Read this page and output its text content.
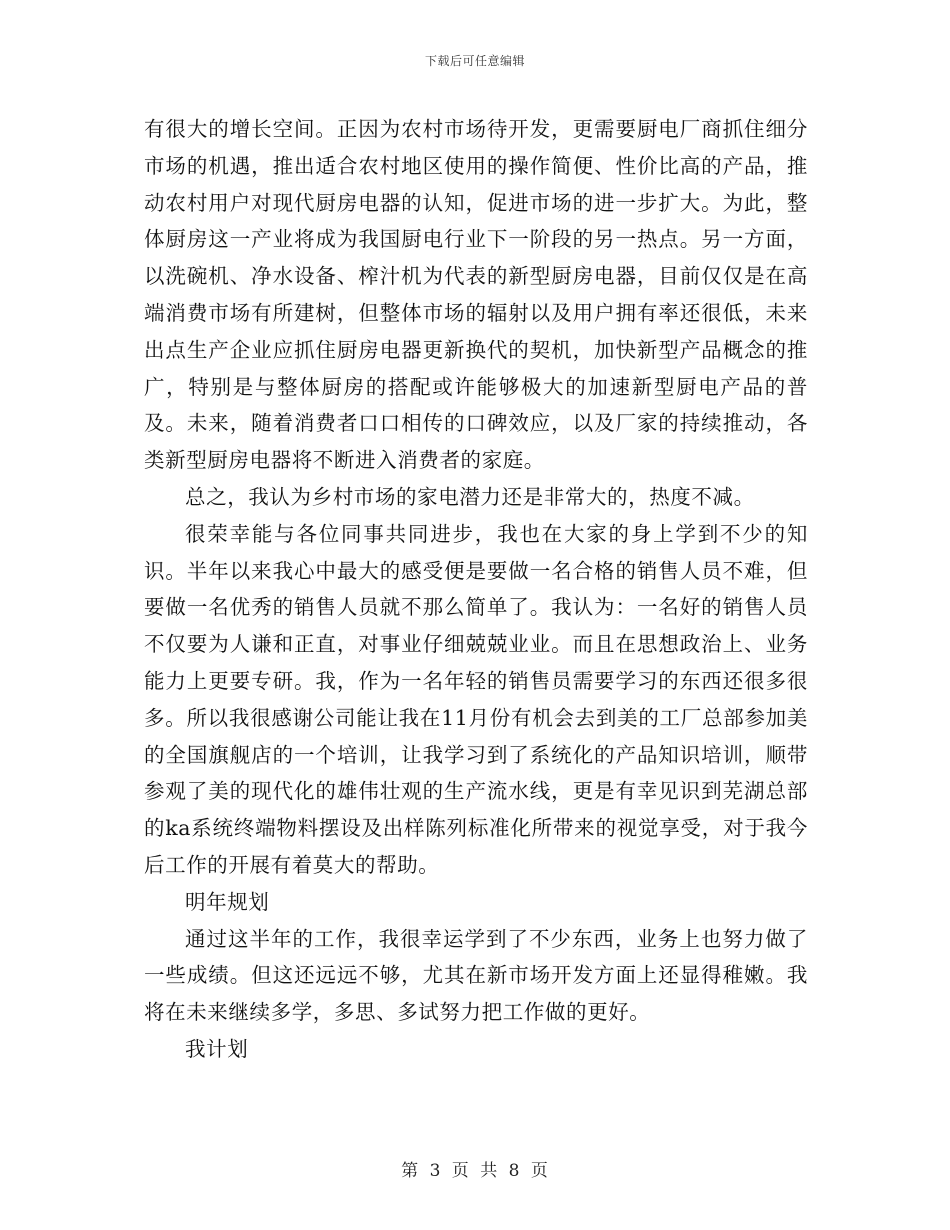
下载后可任意编辑

有很大的增长空间。正因为农村市场待开发，更需要厨电厂商抓住细分市场的机遇，推出适合农村地区使用的操作简便、性价比高的产品，推动农村用户对现代厨房电器的认知，促进市场的进一步扩大。为此，整体厨房这一产业将成为我国厨电行业下一阶段的另一热点。另一方面，以洗碗机、净水设备、榨汁机为代表的新型厨房电器，目前仅仅是在高端消费市场有所建树，但整体市场的辐射以及用户拥有率还很低，未来出点生产企业应抓住厨房电器更新换代的契机，加快新型产品概念的推广，特别是与整体厨房的搭配或许能够极大的加速新型厨电产品的普及。未来，随着消费者口口相传的口碑效应，以及厂家的持续推动，各类新型厨房电器将不断进入消费者的家庭。

总之，我认为乡村市场的家电潜力还是非常大的，热度不减。

很荣幸能与各位同事共同进步，我也在大家的身上学到不少的知识。半年以来我心中最大的感受便是要做一名合格的销售人员不难，但要做一名优秀的销售人员就不那么简单了。我认为：一名好的销售人员不仅要为人谦和正直，对事业仔细兢兢业业。而且在思想政治上、业务能力上更要专研。我，作为一名年轻的销售员需要学习的东西还很多很多。所以我很感谢公司能让我在11月份有机会去到美的工厂总部参加美的全国旗舰店的一个培训，让我学习到了系统化的产品知识培训，顺带参观了美的现代化的雄伟壮观的生产流水线，更是有幸见识到芜湖总部的ka系统终端物料摆设及出样陈列标准化所带来的视觉享受，对于我今后工作的开展有着莫大的帮助。

明年规划

通过这半年的工作，我很幸运学到了不少东西，业务上也努力做了一些成绩。但这还远远不够，尤其在新市场开发方面上还显得稚嫩。我将在未来继续多学，多思、多试努力把工作做的更好。

我计划

第 3 页 共 8 页
